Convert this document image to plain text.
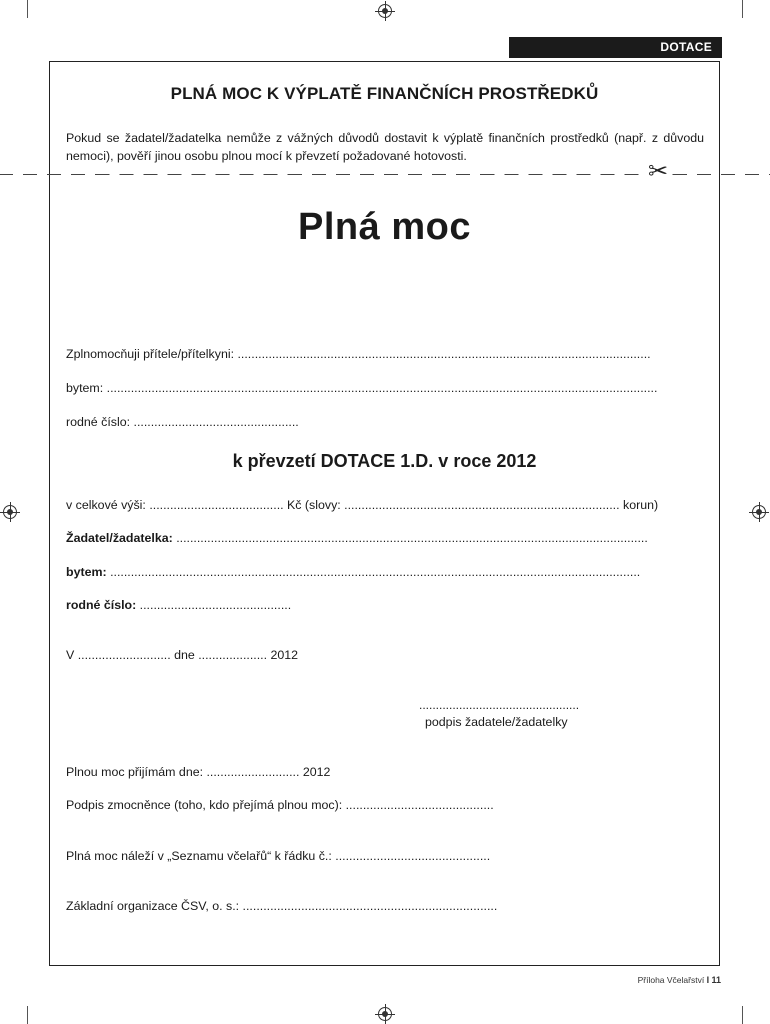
DOTACE
PLNÁ MOC K VÝPLATĚ FINANČNÍCH PROSTŘEDKŮ
Pokud se žadatel/žadatelka nemůže z vážných důvodů dostavit k výplatě finančních prostředků (např. z důvodu nemoci), pověří jinou osobu plnou mocí k převzetí požadované hotovosti.
✂
Plná moc
Zplnomocňuji přítele/přítelkyni: ........................................................................................................................
bytem: ................................................................................................................................................................
rodné číslo: ................................................
k převzetí DOTACE 1.D. v roce 2012
v celkové výši: ....................................... Kč (slovy: ................................................................................ korun)
Žadatel/žadatelka: .........................................................................................................................................
bytem: ..........................................................................................................................................................
rodné číslo: ............................................
V ........................... dne .................... 2012
................................................
podpis žadatele/žadatelky
Plnou moc přijímám dne: ........................... 2012
Podpis zmocněnce (toho, kdo přejímá plnou moc): ...........................................
Plná moc náleží v „Seznamu včelařů“ k řádku č.: .............................................
Základní organizace ČSV, o. s.: ..........................................................................
Příloha Včelařství I 11
